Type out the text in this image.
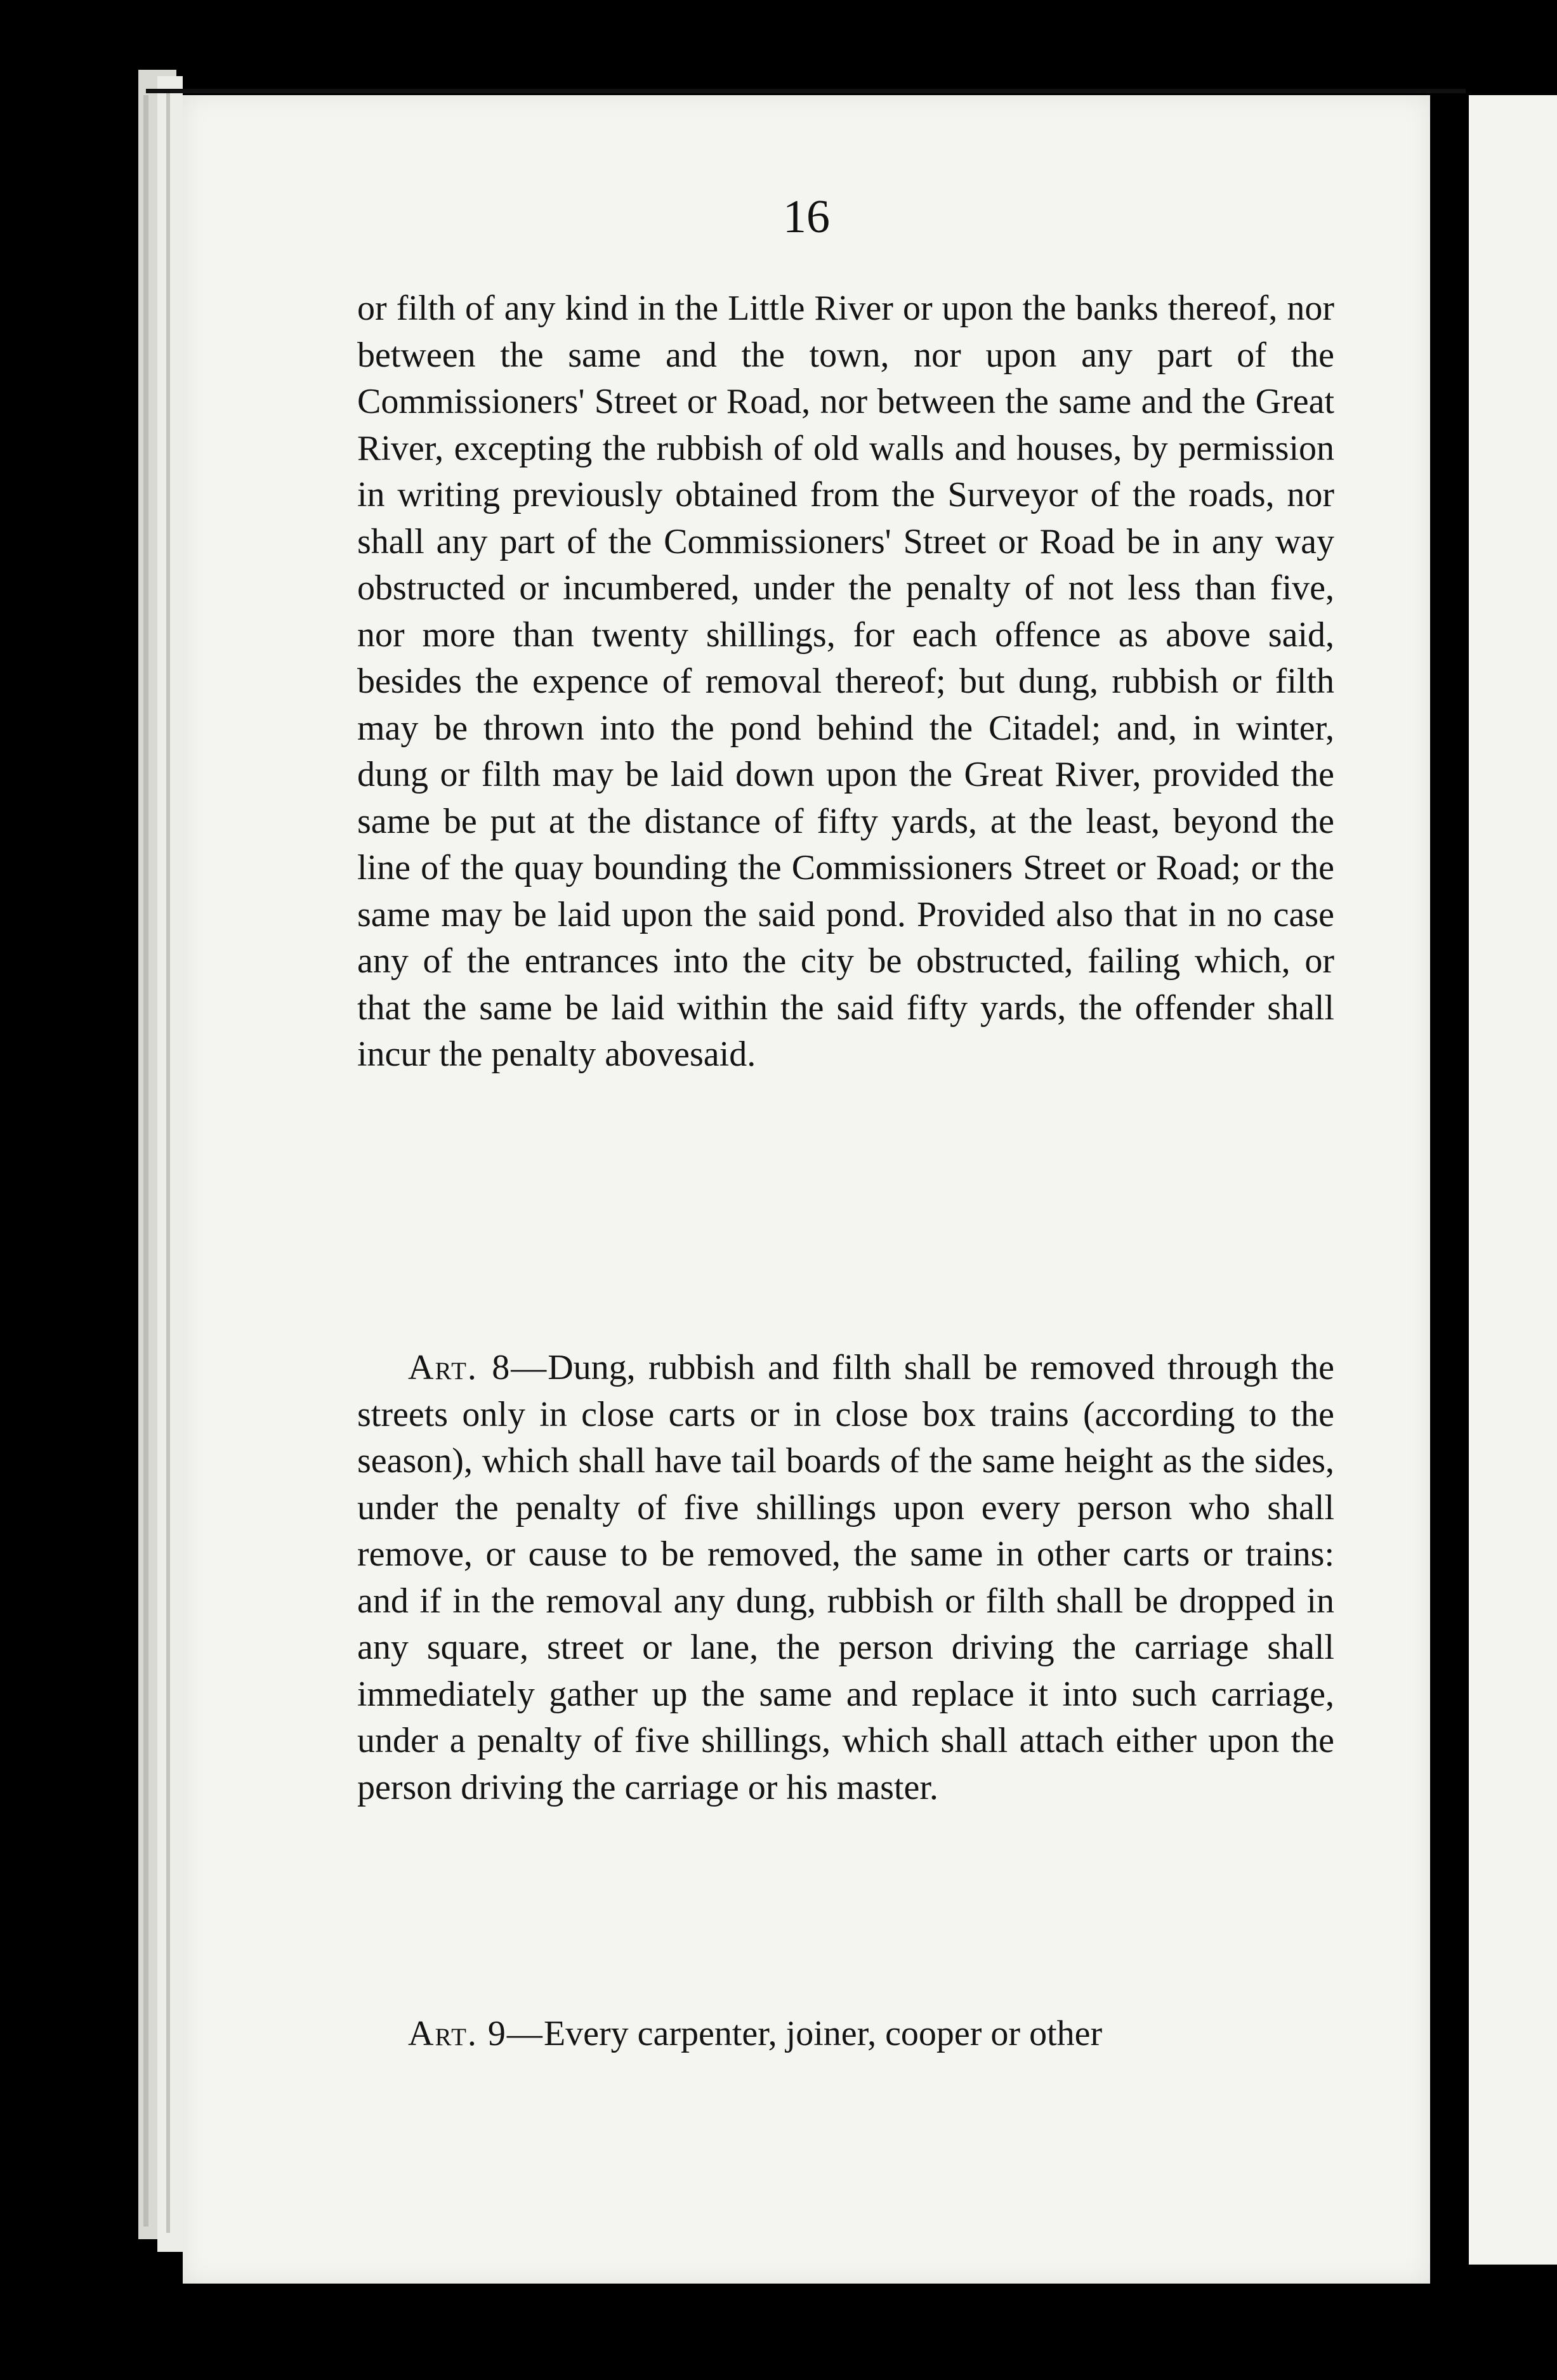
16

or filth of any kind in the Little River or upon the banks thereof, nor between the same and the town, nor upon any part of the Commissioners' Street or Road, nor between the same and the Great River, excepting the rubbish of old walls and houses, by permission in writing previously obtained from the Surveyor of the roads, nor shall any part of the Commissioners' Street or Road be in any way obstructed or incumbered, under the penalty of not less than five, nor more than twenty shillings, for each offence as above said, besides the expence of removal thereof; but dung, rubbish or filth may be thrown into the pond behind the Citadel; and, in winter, dung or filth may be laid down upon the Great River, provided the same be put at the distance of fifty yards, at the least, beyond the line of the quay bounding the Commissioners Street or Road; or the same may be laid upon the said pond. Provided also that in no case any of the entrances into the city be obstructed, failing which, or that the same be laid within the said fifty yards, the offender shall incur the penalty abovesaid.

Art. 8—Dung, rubbish and filth shall be removed through the streets only in close carts or in close box trains (according to the season), which shall have tail boards of the same height as the sides, under the penalty of five shillings upon every person who shall remove, or cause to be removed, the same in other carts or trains: and if in the removal any dung, rubbish or filth shall be dropped in any square, street or lane, the person driving the carriage shall immediately gather up the same and replace it into such carriage, under a penalty of five shillings, which shall attach either upon the person driving the carriage or his master.

Art. 9—Every carpenter, joiner, cooper or other
